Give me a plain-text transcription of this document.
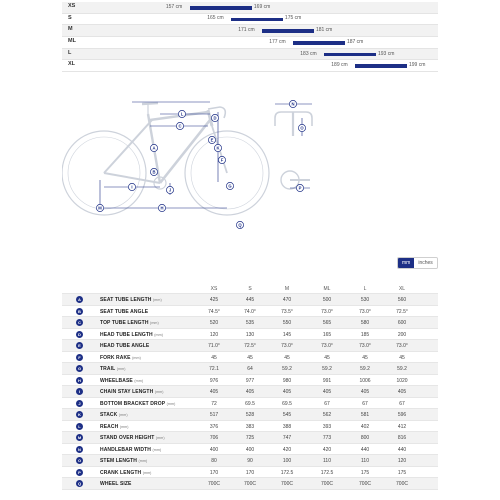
XS	157 cm	169 cm
S	165 cm	175 cm
M	171 cm	181 cm
ML	177 cm	187 cm
L	183 cm	193 cm
XL	189 cm	199 cm
A
B
C
D
E
F
G
H
I
J
K
L
M
N
O
P
Q
mm	inches
XS	S	M	ML	L	XL
A	SEAT TUBE LENGTH (mm)	425	445	470	500	530	560
B	SEAT TUBE ANGLE	74.5°	74.0°	73.5°	73.0°	73.0°	72.5°
C	TOP TUBE LENGTH (mm)	520	535	550	565	580	600
D	HEAD TUBE LENGTH (mm)	120	130	145	165	185	200
E	HEAD TUBE ANGLE	71.0°	72.5°	73.0°	73.0°	73.0°	73.0°
F	FORK RAKE (mm)	45	45	45	45	45	45
G	TRAIL (mm)	72.1	64	59.2	59.2	59.2	59.2
H	WHEELBASE (mm)	976	977	980	991	1006	1020
I	CHAIN STAY LENGTH (mm)	405	405	405	405	405	405
J	BOTTOM BRACKET DROP (mm)	72	69.5	69.5	67	67	67
K	STACK (mm)	517	528	545	562	581	596
L	REACH (mm)	376	383	388	393	402	412
M	STAND OVER HEIGHT (mm)	706	725	747	773	800	816
N	HANDLEBAR WIDTH (mm)	400	400	420	420	440	440
O	STEM LENGTH (mm)	80	90	100	110	110	120
P	CRANK LENGTH (mm)	170	170	172.5	172.5	175	175
Q	WHEEL SIZE	700C	700C	700C	700C	700C	700C
